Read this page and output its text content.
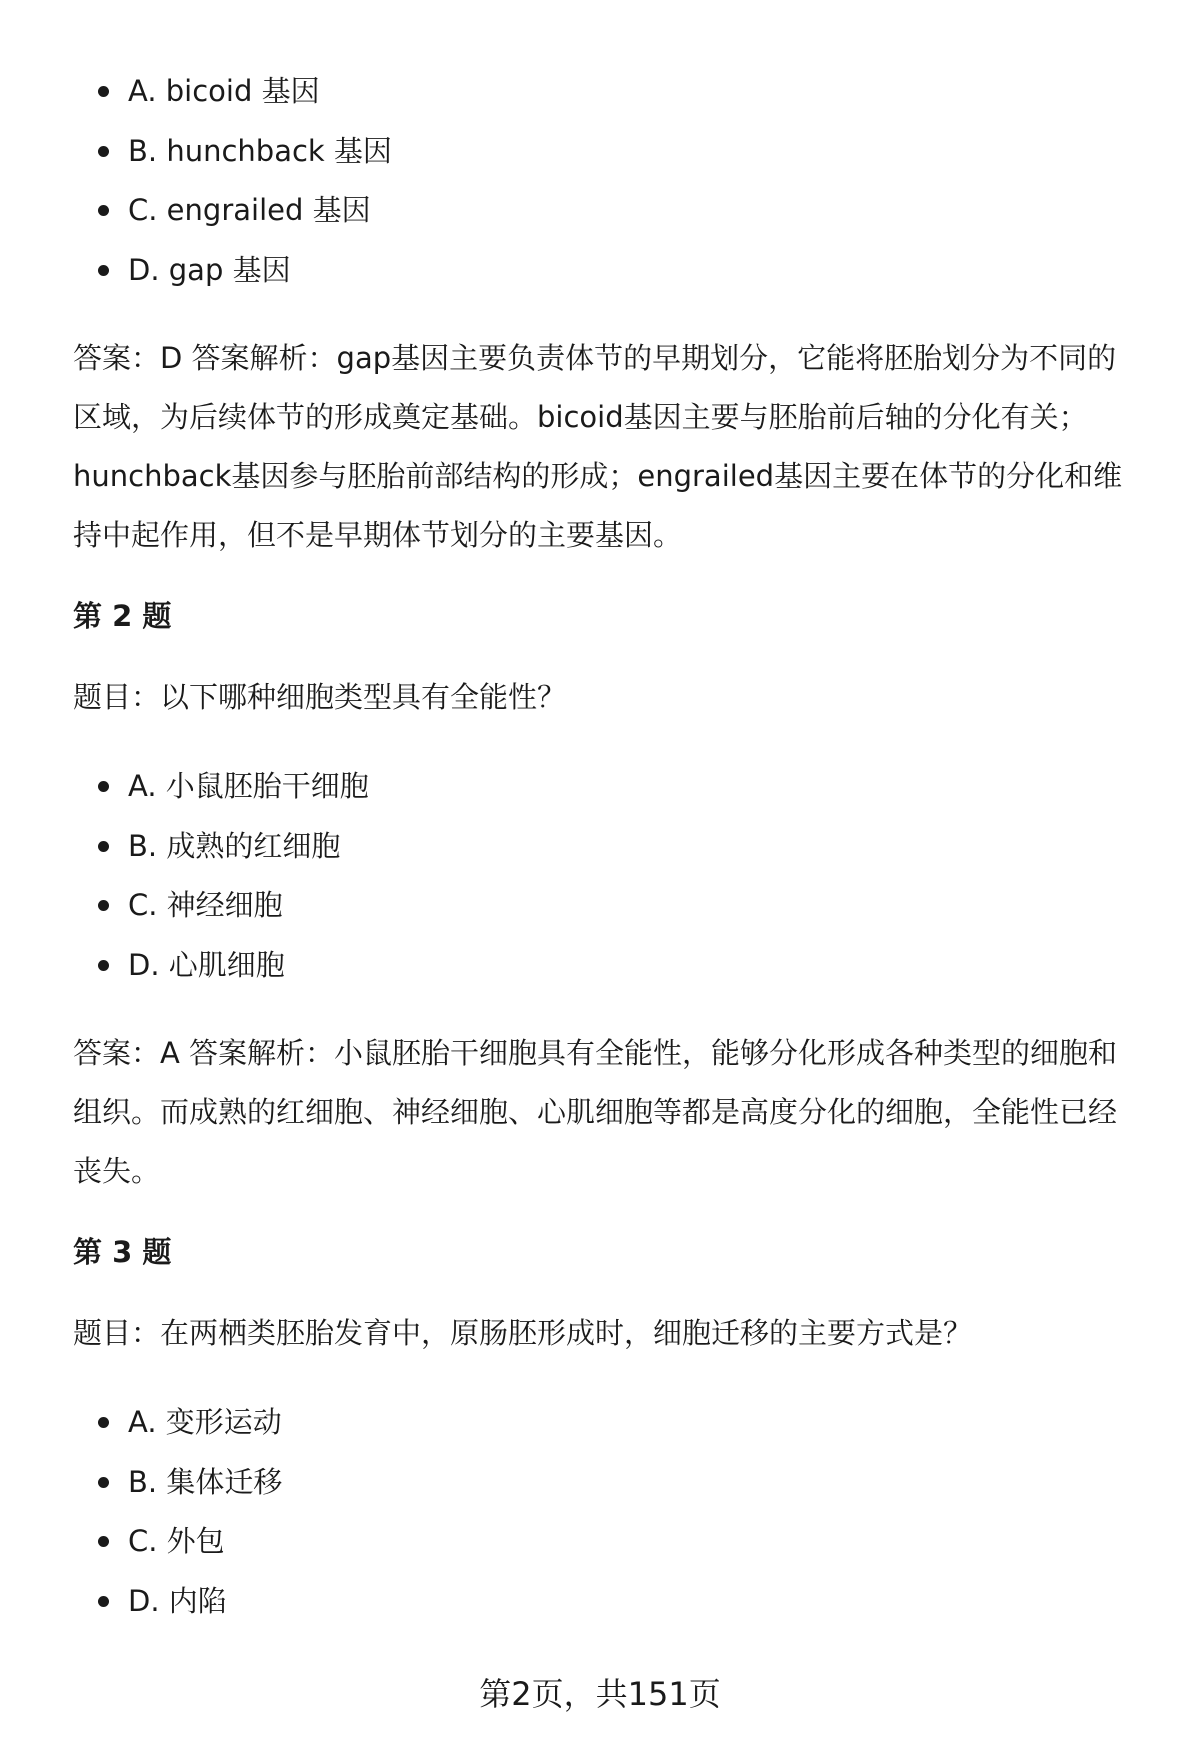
A. bicoid 基因
B. hunchback 基因
C. engrailed 基因
D. gap 基因
答案：D 答案解析：gap基因主要负责体节的早期划分，它能将胚胎划分为不同的
区域，为后续体节的形成奠定基础。bicoid基因主要与胚胎前后轴的分化有关；
hunchback基因参与胚胎前部结构的形成；engrailed基因主要在体节的分化和维
持中起作用，但不是早期体节划分的主要基因。
第 2 题
题目：以下哪种细胞类型具有全能性？
A. 小鼠胚胎干细胞
B. 成熟的红细胞
C. 神经细胞
D. 心肌细胞
答案：A 答案解析：小鼠胚胎干细胞具有全能性，能够分化形成各种类型的细胞和
组织。而成熟的红细胞、神经细胞、心肌细胞等都是高度分化的细胞，全能性已经
丧失。
第 3 题
题目：在两栖类胚胎发育中，原肠胚形成时，细胞迁移的主要方式是？
A. 变形运动
B. 集体迁移
C. 外包
D. 内陷
第2页，共151页
